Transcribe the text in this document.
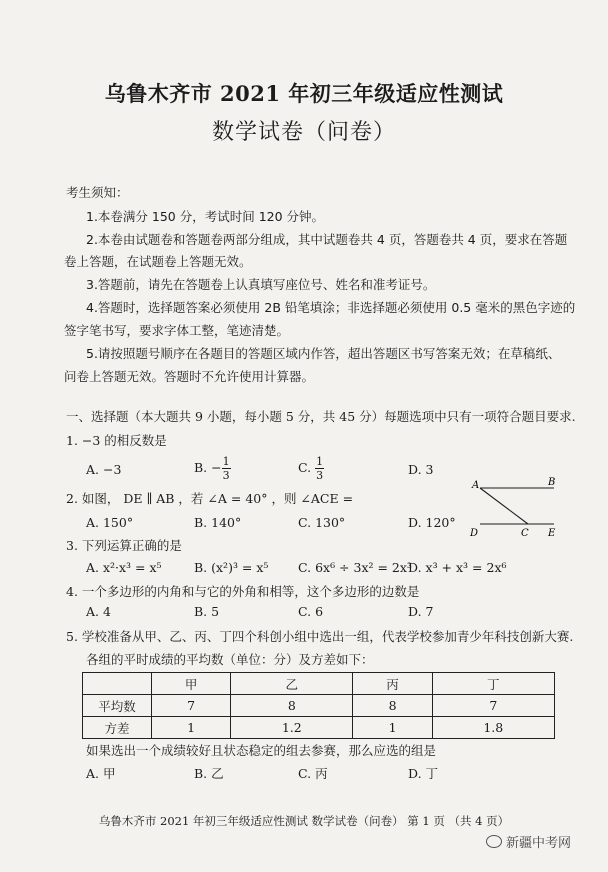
乌鲁木齐市 2021 年初三年级适应性测试
数学试卷（问卷）
考生须知：
1.本卷满分 150 分，考试时间 120 分钟。
2.本卷由试题卷和答题卷两部分组成，其中试题卷共 4 页，答题卷共 4 页，要求在答题
卷上答题，在试题卷上答题无效。
3.答题前，请先在答题卷上认真填写座位号、姓名和准考证号。
4.答题时，选择题答案必须使用 2B 铅笔填涂；非选择题必须使用 0.5 毫米的黑色字迹的
签字笔书写，要求字体工整，笔迹清楚。
5.请按照题号顺序在各题目的答题区域内作答，超出答题区书写答案无效；在草稿纸、
问卷上答题无效。答题时不允许使用计算器。
一、选择题（本大题共 9 小题，每小题 5 分，共 45 分）每题选项中只有一项符合题目要求.
1. −3 的相反数是
A. −3	B. − $\frac{1}{3}$	C. $\frac{1}{3}$	D. 3
2. 如图， DE ∥ AB ，若 ∠A = 40° ，则 ∠ACE =
A. 150°	B. 140°	C. 130°	D. 120°
A	B
D	C E
3. 下列运算正确的是
A. x²·x³ = x⁵	B. (x²)³ = x⁵ C. 6x⁶ ÷ 3x² = 2x³
D. x³ + x³ = 2x⁶
4. 一个多边形的内角和与它的外角和相等，这个多边形的边数是
A. 4	B. 5	C. 6	D. 7
5. 学校准备从甲、乙、丙、丁四个科创小组中选出一组，代表学校参加青少年科技创新大赛.
各组的平时成绩的平均数（单位：分）及方差如下：
	甲	乙	丙	丁
平均数	7	8	8	7
方差	1	1.2	1	1.8
如果选出一个成绩较好且状态稳定的组去参赛，那么应选的组是
A. 甲	B. 乙	C. 丙	D. 丁
乌鲁木齐市 2021 年初三年级适应性测试 数学试卷（问卷） 第 1 页 （共 4 页）
新疆中考网
